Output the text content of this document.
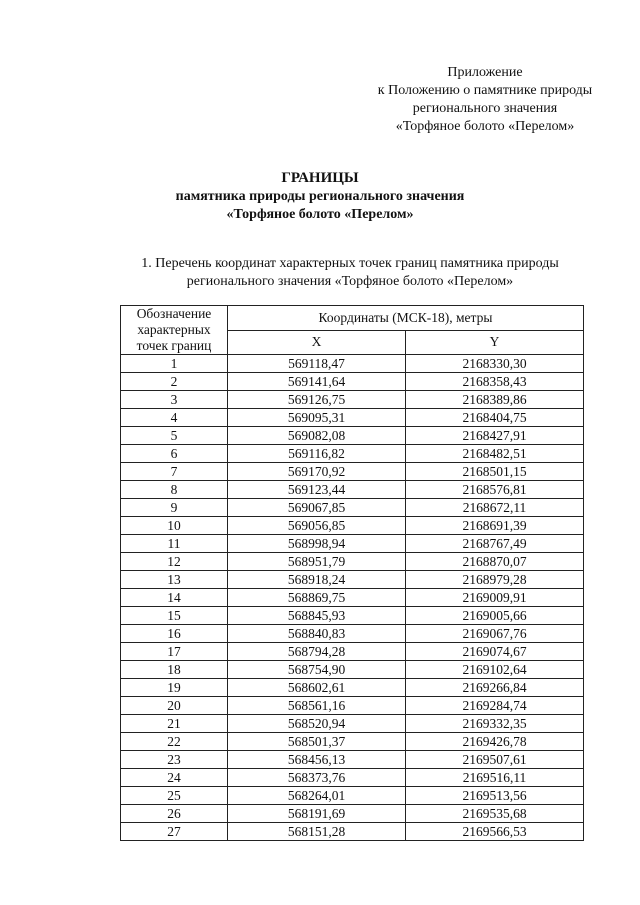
Приложение
к Положению о памятнике природы
регионального значения
«Торфяное болото «Перелом»
ГРАНИЦЫ
памятника природы регионального значения
«Торфяное болото «Перелом»
1. Перечень координат характерных точек границ памятника природы
регионального значения «Торфяное болото «Перелом»
Обозначение
характерных
точек границ	Координаты (МСК-18), метры	
	X	Y
1	569118,47	2168330,30
2	569141,64	2168358,43
3	569126,75	2168389,86
4	569095,31	2168404,75
5	569082,08	2168427,91
6	569116,82	2168482,51
7	569170,92	2168501,15
8	569123,44	2168576,81
9	569067,85	2168672,11
10	569056,85	2168691,39
11	568998,94	2168767,49
12	568951,79	2168870,07
13	568918,24	2168979,28
14	568869,75	2169009,91
15	568845,93	2169005,66
16	568840,83	2169067,76
17	568794,28	2169074,67
18	568754,90	2169102,64
19	568602,61	2169266,84
20	568561,16	2169284,74
21	568520,94	2169332,35
22	568501,37	2169426,78
23	568456,13	2169507,61
24	568373,76	2169516,11
25	568264,01	2169513,56
26	568191,69	2169535,68
27	568151,28	2169566,53
